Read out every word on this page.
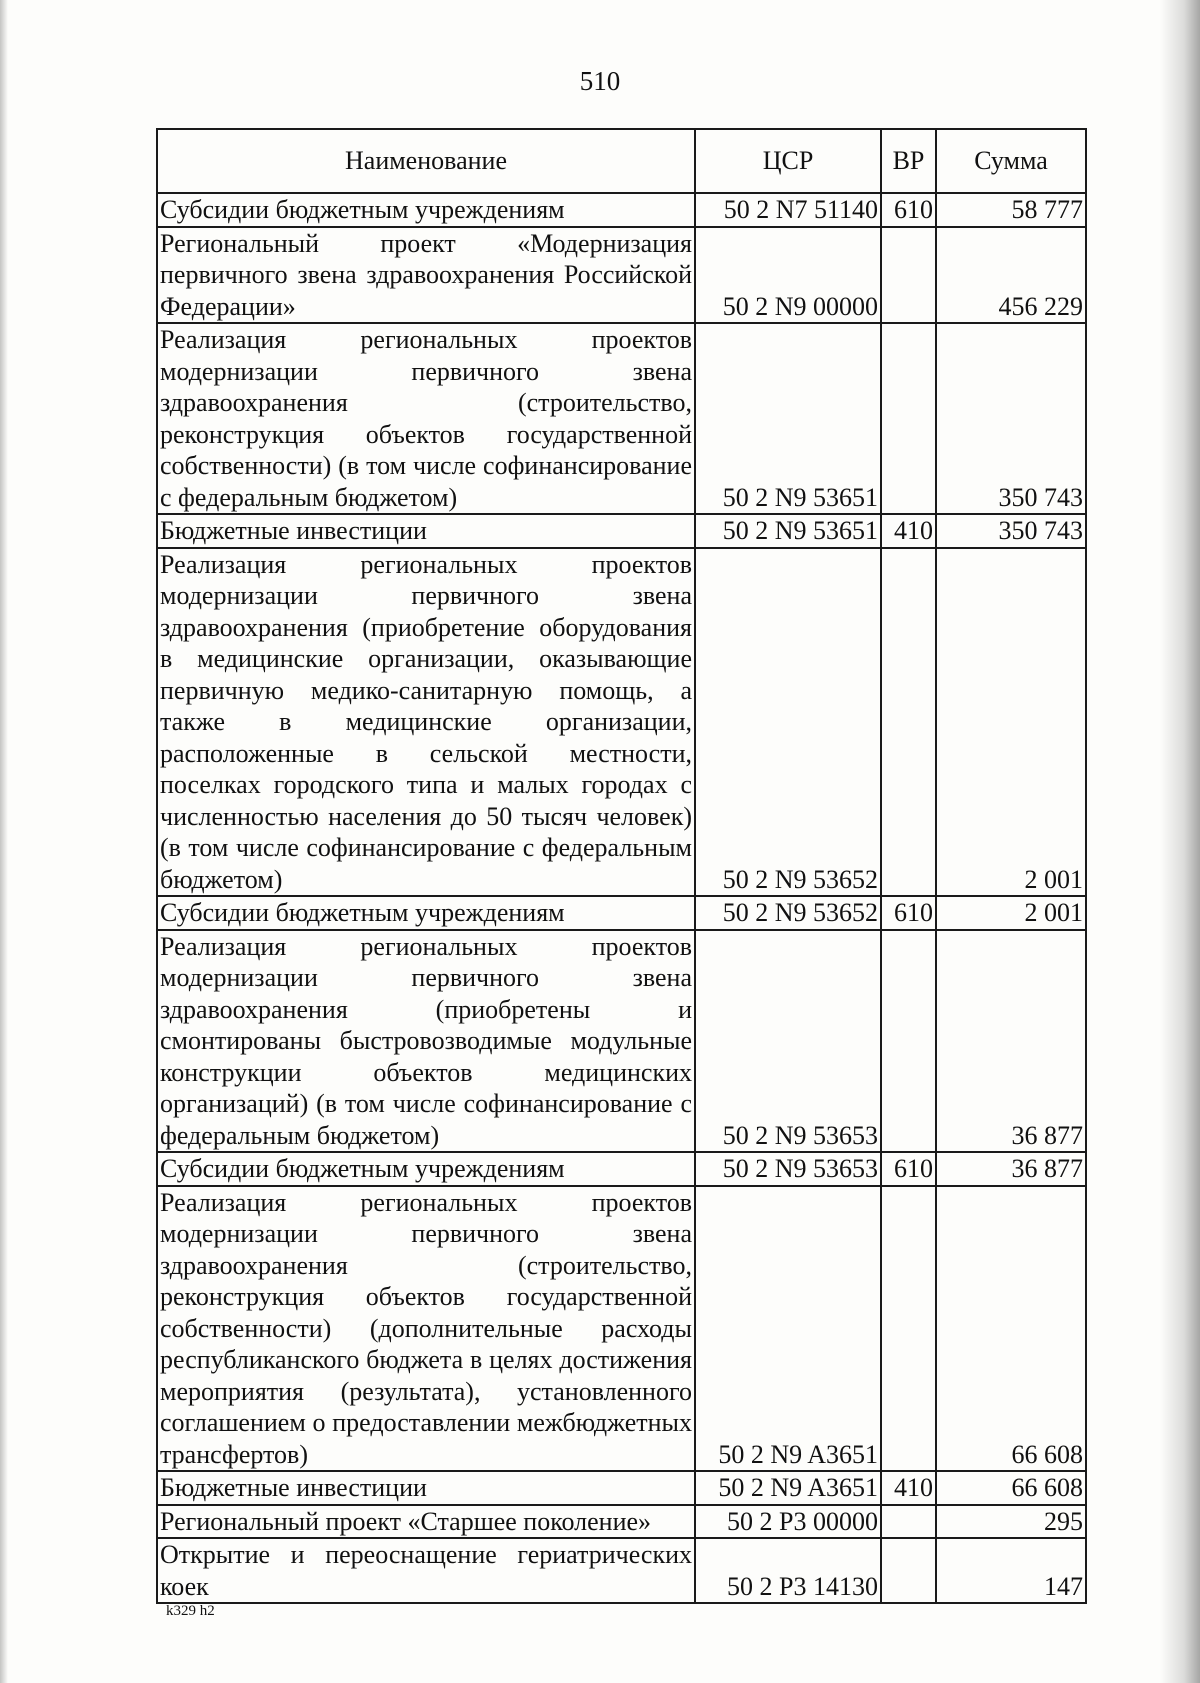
510
Наименование	ЦСР	ВР	Сумма
Субсидии бюджетным учреждениям	50 2 N7 51140	610	58 777
Региональный проект «Модернизация первичного звена здравоохранения Российской Федерации»	50 2 N9 00000		456 229
Реализация региональных проектов модернизации первичного звена здравоохранения (строительство, реконструкция объектов государственной собственности) (в том числе софинансирование с федеральным бюджетом)	50 2 N9 53651		350 743
Бюджетные инвестиции	50 2 N9 53651	410	350 743
Реализация региональных проектов модернизации первичного звена здравоохранения (приобретение оборудования в медицинские организации, оказывающие первичную медико-санитарную помощь, а также в медицинские организации, расположенные в сельской местности, поселках городского типа и малых городах с численностью населения до 50 тысяч человек) (в том числе софинансирование с федеральным бюджетом)	50 2 N9 53652		2 001
Субсидии бюджетным учреждениям	50 2 N9 53652	610	2 001
Реализация региональных проектов модернизации первичного звена здравоохранения (приобретены и смонтированы быстровозводимые модульные конструкции объектов медицинских организаций) (в том числе софинансирование с федеральным бюджетом)	50 2 N9 53653		36 877
Субсидии бюджетным учреждениям	50 2 N9 53653	610	36 877
Реализация региональных проектов модернизации первичного звена здравоохранения (строительство, реконструкция объектов государственной собственности) (дополнительные расходы республиканского бюджета в целях достижения мероприятия (результата), установленного соглашением о предоставлении межбюджетных трансфертов)	50 2 N9 A3651		66 608
Бюджетные инвестиции	50 2 N9 A3651	410	66 608
Региональный проект «Старшее поколение»	50 2 P3 00000		295
Открытие и переоснащение гериатрических коек	50 2 P3 14130		147
k329 h2
